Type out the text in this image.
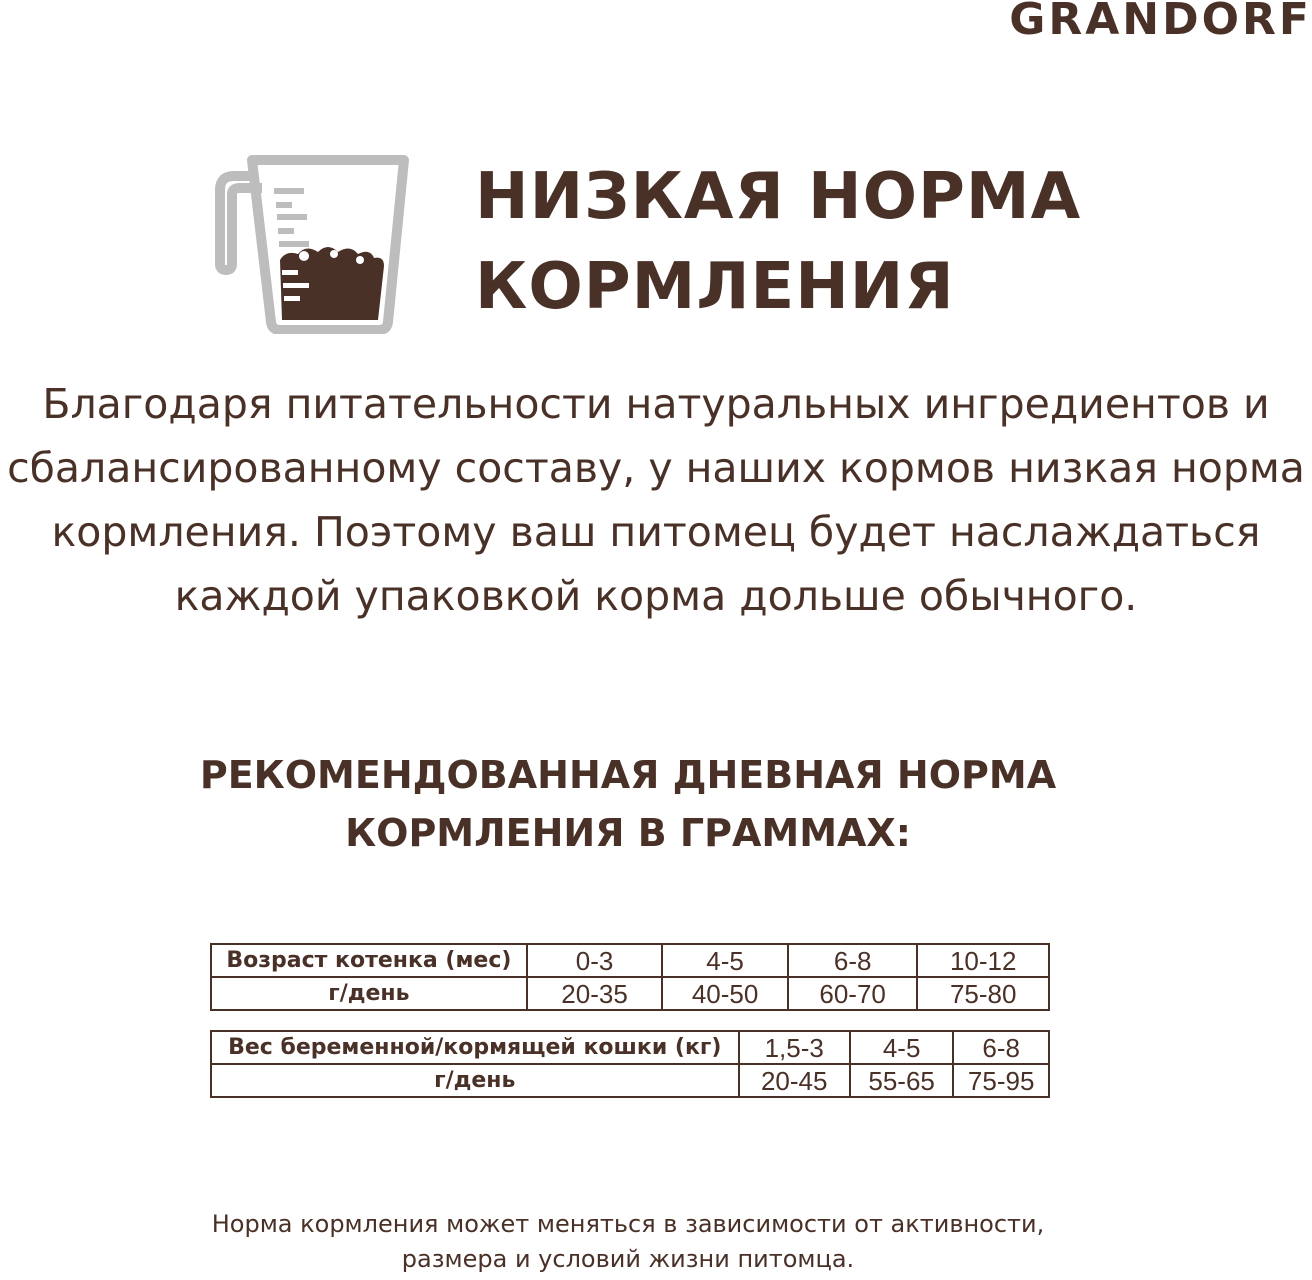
GRANDORF
НИЗКАЯ НОРМА
КОРМЛЕНИЯ
Благодаря питательности натуральных ингредиентов и
сбалансированному составу, у наших кормов низкая норма
кормления. Поэтому ваш питомец будет наслаждаться
каждой упаковкой корма дольше обычного.
РЕКОМЕНДОВАННАЯ ДНЕВНАЯ НОРМА
КОРМЛЕНИЯ В ГРАММАХ:
Возраст котенка (мес)	0-3	4-5	6-8	10-12
г/день	20-35	40-50	60-70	75-80
Вес беременной/кормящей кошки (кг)	1,5-3	4-5	6-8
г/день	20-45	55-65	75-95
Норма кормления может меняться в зависимости от активности,
размера и условий жизни питомца.
